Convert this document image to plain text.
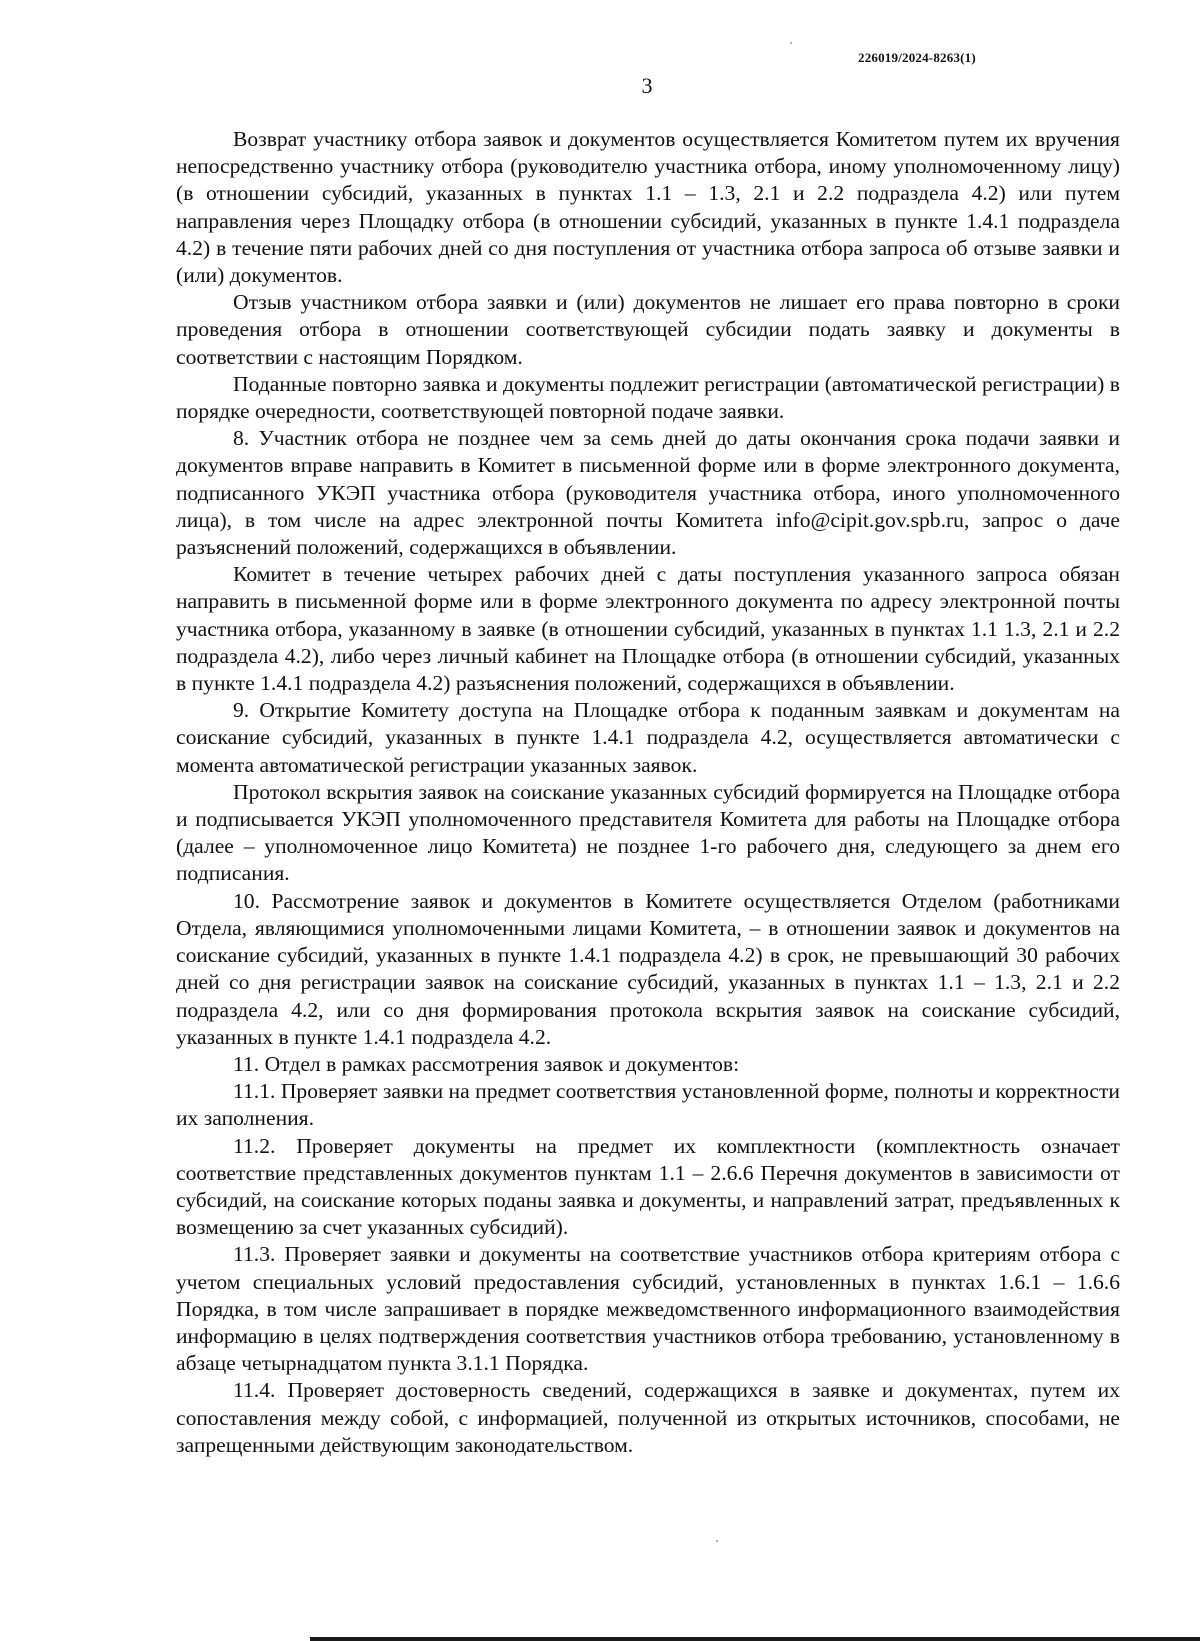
226019/2024-8263(1)
3

Возврат участнику отбора заявок и документов осуществляется Комитетом путем их вручения непосредственно участнику отбора (руководителю участника отбора, иному уполномоченному лицу) (в отношении субсидий, указанных в пунктах 1.1 – 1.3, 2.1 и 2.2 подраздела 4.2) или путем направления через Площадку отбора (в отношении субсидий, указанных в пункте 1.4.1 подраздела 4.2) в течение пяти рабочих дней со дня поступления от участника отбора запроса об отзыве заявки и (или) документов.

Отзыв участником отбора заявки и (или) документов не лишает его права повторно в сроки проведения отбора в отношении соответствующей субсидии подать заявку и документы в соответствии с настоящим Порядком.

Поданные повторно заявка и документы подлежит регистрации (автоматической регистрации) в порядке очередности, соответствующей повторной подаче заявки.

8. Участник отбора не позднее чем за семь дней до даты окончания срока подачи заявки и документов вправе направить в Комитет в письменной форме или в форме электронного документа, подписанного УКЭП участника отбора (руководителя участника отбора, иного уполномоченного лица), в том числе на адрес электронной почты Комитета info@cipit.gov.spb.ru, запрос о даче разъяснений положений, содержащихся в объявлении.

Комитет в течение четырех рабочих дней с даты поступления указанного запроса обязан направить в письменной форме или в форме электронного документа по адресу электронной почты участника отбора, указанному в заявке (в отношении субсидий, указанных в пунктах 1.1 1.3, 2.1 и 2.2 подраздела 4.2), либо через личный кабинет на Площадке отбора (в отношении субсидий, указанных в пункте 1.4.1 подраздела 4.2) разъяснения положений, содержащихся в объявлении.

9. Открытие Комитету доступа на Площадке отбора к поданным заявкам и документам на соискание субсидий, указанных в пункте 1.4.1 подраздела 4.2, осуществляется автоматически с момента автоматической регистрации указанных заявок.

Протокол вскрытия заявок на соискание указанных субсидий формируется на Площадке отбора и подписывается УКЭП уполномоченного представителя Комитета для работы на Площадке отбора (далее – уполномоченное лицо Комитета) не позднее 1-го рабочего дня, следующего за днем его подписания.

10. Рассмотрение заявок и документов в Комитете осуществляется Отделом (работниками Отдела, являющимися уполномоченными лицами Комитета, – в отношении заявок и документов на соискание субсидий, указанных в пункте 1.4.1 подраздела 4.2) в срок, не превышающий 30 рабочих дней со дня регистрации заявок на соискание субсидий, указанных в пунктах 1.1 – 1.3, 2.1 и 2.2 подраздела 4.2, или со дня формирования протокола вскрытия заявок на соискание субсидий, указанных в пункте 1.4.1 подраздела 4.2.

11. Отдел в рамках рассмотрения заявок и документов:

11.1. Проверяет заявки на предмет соответствия установленной форме, полноты и корректности их заполнения.

11.2. Проверяет документы на предмет их комплектности (комплектность означает соответствие представленных документов пунктам 1.1 – 2.6.6 Перечня документов в зависимости от субсидий, на соискание которых поданы заявка и документы, и направлений затрат, предъявленных к возмещению за счет указанных субсидий).

11.3. Проверяет заявки и документы на соответствие участников отбора критериям отбора с учетом специальных условий предоставления субсидий, установленных в пунктах 1.6.1 – 1.6.6 Порядка, в том числе запрашивает в порядке межведомственного информационного взаимодействия информацию в целях подтверждения соответствия участников отбора требованию, установленному в абзаце четырнадцатом пункта 3.1.1 Порядка.

11.4. Проверяет достоверность сведений, содержащихся в заявке и документах, путем их сопоставления между собой, с информацией, полученной из открытых источников, способами, не запрещенными действующим законодательством.
